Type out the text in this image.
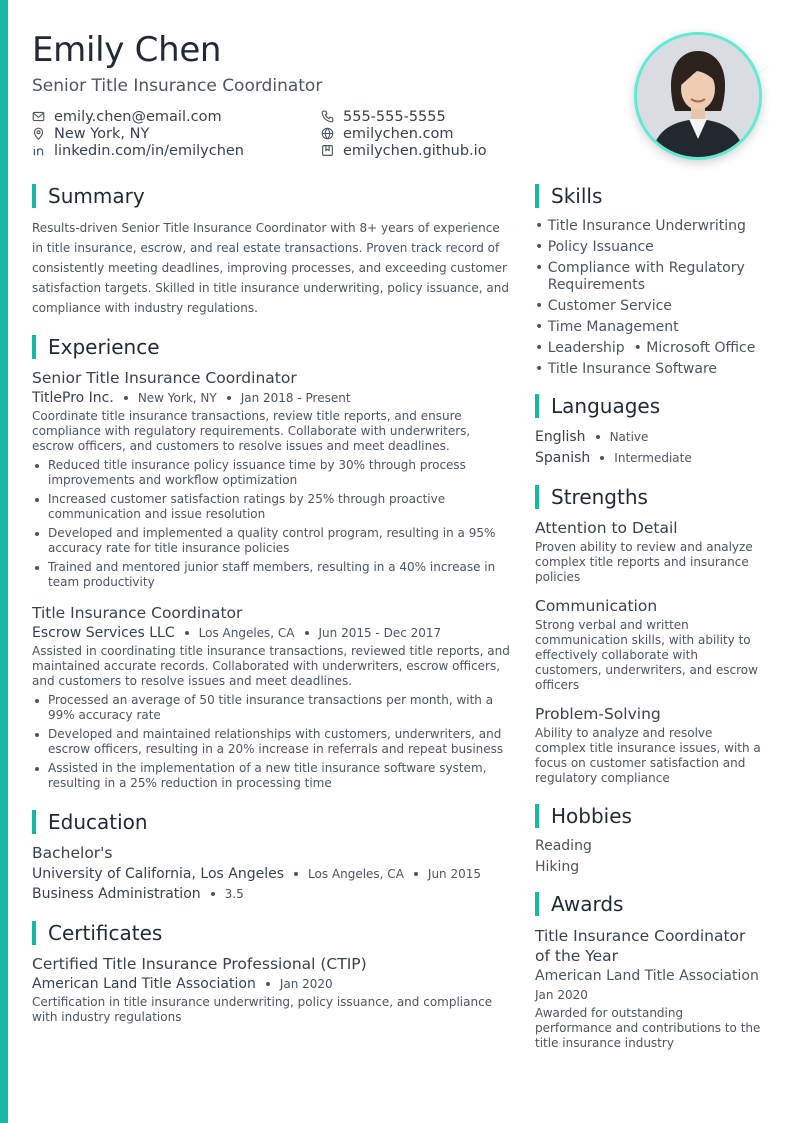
Emily Chen
Senior Title Insurance Coordinator
emily.chen@email.com	555-555-5555
New York, NY	emilychen.com
linkedin.com/in/emilychen	emilychen.github.io
Summary

Results-driven Senior Title Insurance Coordinator with 8+ years of experience in title insurance, escrow, and real estate transactions. Proven track record of consistently meeting deadlines, improving processes, and exceeding customer satisfaction targets. Skilled in title insurance underwriting, policy issuance, and compliance with industry regulations.

Experience
Senior Title Insurance Coordinator
TitlePro Inc. New York, NY Jan 2018 - Present

Coordinate title insurance transactions, review title reports, and ensure compliance with regulatory requirements. Collaborate with underwriters, escrow officers, and customers to resolve issues and meet deadlines.

Reduced title insurance policy issuance time by 30% through process improvements and workflow optimization
Increased customer satisfaction ratings by 25% through proactive communication and issue resolution
Developed and implemented a quality control program, resulting in a 95% accuracy rate for title insurance policies
Trained and mentored junior staff members, resulting in a 40% increase in team productivity
Title Insurance Coordinator
Escrow Services LLC Los Angeles, CA Jun 2015 - Dec 2017

Assisted in coordinating title insurance transactions, reviewed title reports, and maintained accurate records. Collaborated with underwriters, escrow officers, and customers to resolve issues and meet deadlines.

Processed an average of 50 title insurance transactions per month, with a 99% accuracy rate
Developed and maintained relationships with customers, underwriters, and escrow officers, resulting in a 20% increase in referrals and repeat business
Assisted in the implementation of a new title insurance software system, resulting in a 25% reduction in processing time
Education
Bachelor's
University of California, Los Angeles Los Angeles, CA Jun 2015
Business Administration 3.5
Certificates
Certified Title Insurance Professional (CTIP)
American Land Title Association Jan 2020

Certification in title insurance underwriting, policy issuance, and compliance with industry regulations

Skills
• Title Insurance Underwriting
• Policy Issuance
• Compliance with Regulatory Requirements
• Customer Service
• Time Management
• Leadership  • Microsoft Office
• Title Insurance Software
Languages
English Native
Spanish Intermediate
Strengths
Attention to Detail

Proven ability to review and analyze complex title reports and insurance policies

Communication

Strong verbal and written communication skills, with ability to effectively collaborate with customers, underwriters, and escrow officers

Problem-Solving

Ability to analyze and resolve complex title insurance issues, with a focus on customer satisfaction and regulatory compliance

Hobbies
Reading
Hiking
Awards
Title Insurance Coordinator of the Year
American Land Title Association
Jan 2020

Awarded for outstanding performance and contributions to the title insurance industry
